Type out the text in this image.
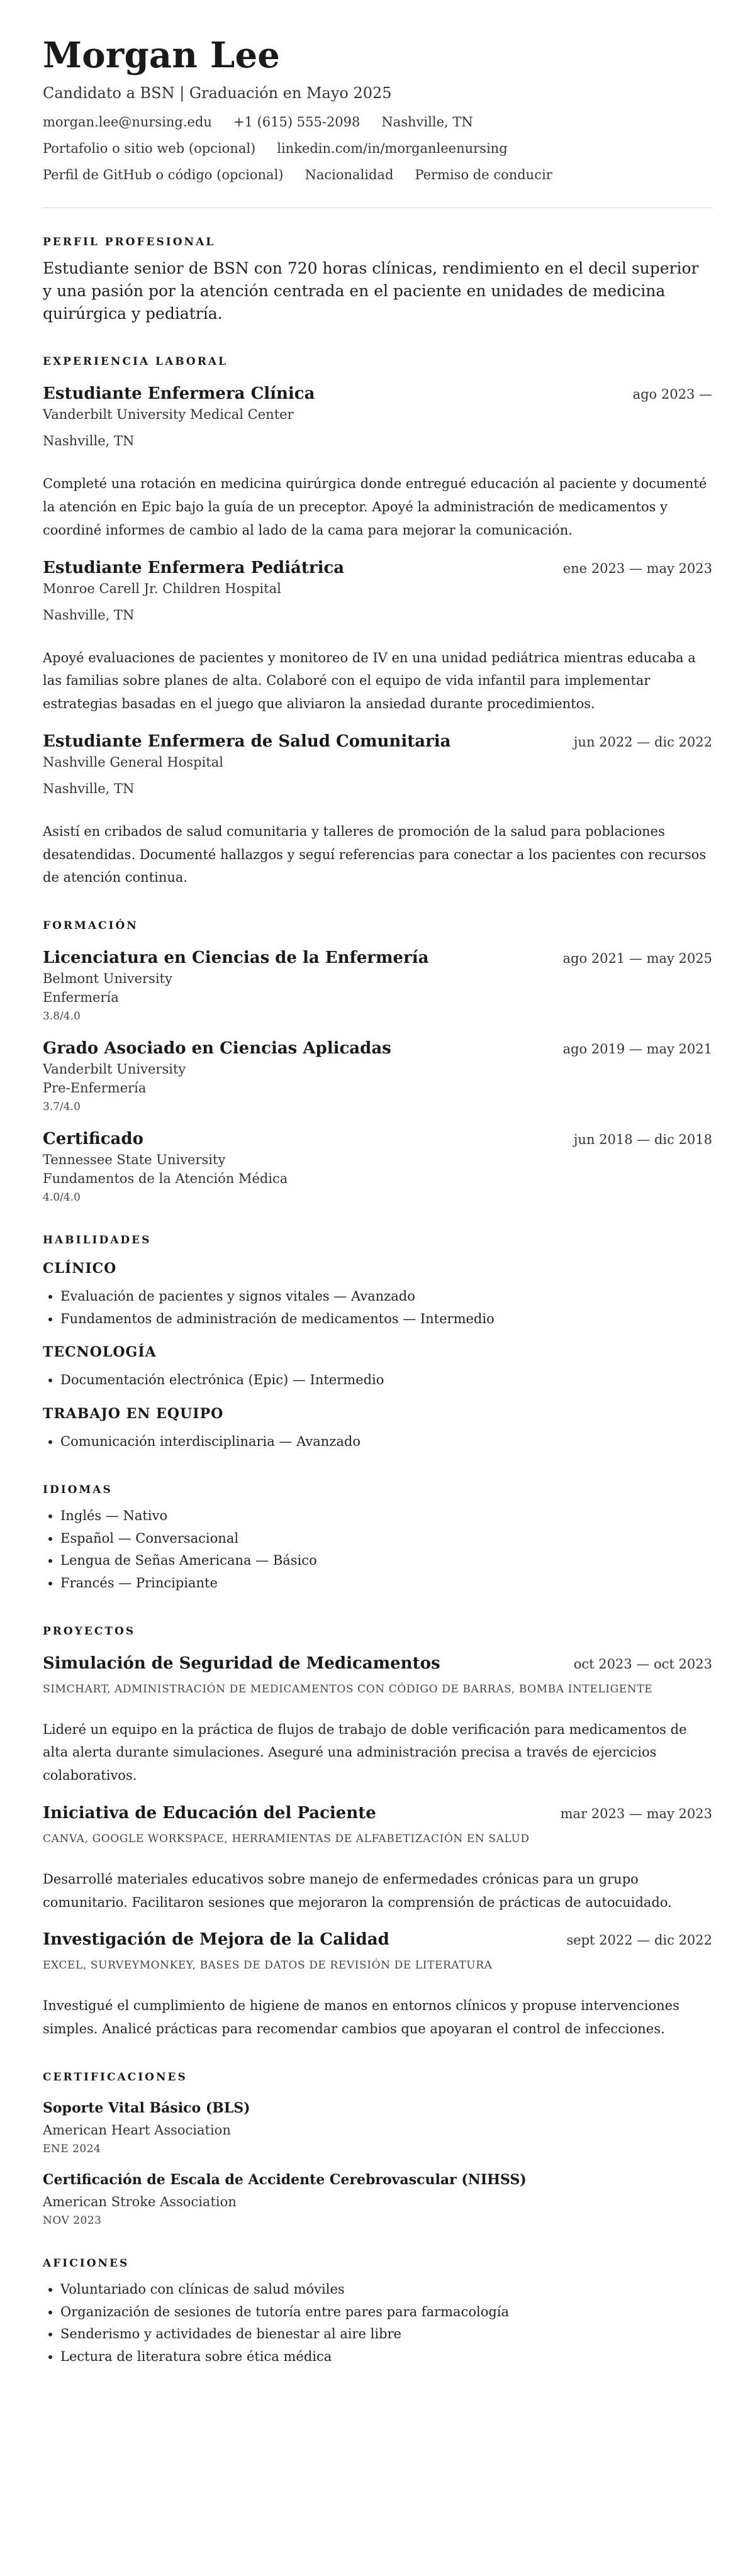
Morgan Lee
Candidato a BSN | Graduación en Mayo 2025
morgan.lee@nursing.edu +1 (615) 555-2098 Nashville, TN
Portafolio o sitio web (opcional) linkedin.com/in/morganleenursing
Perfil de GitHub o código (opcional) Nacionalidad Permiso de conducir
PERFIL PROFESIONAL
Estudiante senior de BSN con 720 horas clínicas, rendimiento en el decil superior y una pasión por la atención centrada en el paciente en unidades de medicina quirúrgica y pediatría.
EXPERIENCIA LABORAL
Estudiante Enfermera Clínica	ago 2023 —
Vanderbilt University Medical Center
Nashville, TN
Completé una rotación en medicina quirúrgica donde entregué educación al paciente y documenté la atención en Epic bajo la guía de un preceptor. Apoyé la administración de medicamentos y coordiné informes de cambio al lado de la cama para mejorar la comunicación.
Estudiante Enfermera Pediátrica	ene 2023 — may 2023
Monroe Carell Jr. Children Hospital
Nashville, TN
Apoyé evaluaciones de pacientes y monitoreo de IV en una unidad pediátrica mientras educaba a las familias sobre planes de alta. Colaboré con el equipo de vida infantil para implementar estrategias basadas en el juego que aliviaron la ansiedad durante procedimientos.
Estudiante Enfermera de Salud Comunitaria	jun 2022 — dic 2022
Nashville General Hospital
Nashville, TN
Asistí en cribados de salud comunitaria y talleres de promoción de la salud para poblaciones desatendidas. Documenté hallazgos y seguí referencias para conectar a los pacientes con recursos de atención continua.
FORMACIÓN
Licenciatura en Ciencias de la Enfermería	ago 2021 — may 2025
Belmont University
Enfermería
3.8/4.0
Grado Asociado en Ciencias Aplicadas	ago 2019 — may 2021
Vanderbilt University
Pre-Enfermería
3.7/4.0
Certificado	jun 2018 — dic 2018
Tennessee State University
Fundamentos de la Atención Médica
4.0/4.0
HABILIDADES
CLÍNICO
• Evaluación de pacientes y signos vitales — Avanzado
• Fundamentos de administración de medicamentos — Intermedio
TECNOLOGÍA
• Documentación electrónica (Epic) — Intermedio
TRABAJO EN EQUIPO
• Comunicación interdisciplinaria — Avanzado
IDIOMAS
• Inglés — Nativo
• Español — Conversacional
• Lengua de Señas Americana — Básico
• Francés — Principiante
PROYECTOS
Simulación de Seguridad de Medicamentos	oct 2023 — oct 2023
SIMCHART, ADMINISTRACIÓN DE MEDICAMENTOS CON CÓDIGO DE BARRAS, BOMBA INTELIGENTE
Lideré un equipo en la práctica de flujos de trabajo de doble verificación para medicamentos de alta alerta durante simulaciones. Aseguré una administración precisa a través de ejercicios colaborativos.
Iniciativa de Educación del Paciente	mar 2023 — may 2023
CANVA, GOOGLE WORKSPACE, HERRAMIENTAS DE ALFABETIZACIÓN EN SALUD
Desarrollé materiales educativos sobre manejo de enfermedades crónicas para un grupo comunitario. Facilitaron sesiones que mejoraron la comprensión de prácticas de autocuidado.
Investigación de Mejora de la Calidad	sept 2022 — dic 2022
EXCEL, SURVEYMONKEY, BASES DE DATOS DE REVISIÓN DE LITERATURA
Investigué el cumplimiento de higiene de manos en entornos clínicos y propuse intervenciones simples. Analicé prácticas para recomendar cambios que apoyaran el control de infecciones.
CERTIFICACIONES
Soporte Vital Básico (BLS)
American Heart Association
ENE 2024
Certificación de Escala de Accidente Cerebrovascular (NIHSS)
American Stroke Association
NOV 2023
AFICIONES
• Voluntariado con clínicas de salud móviles
• Organización de sesiones de tutoría entre pares para farmacología
• Senderismo y actividades de bienestar al aire libre
• Lectura de literatura sobre ética médica
